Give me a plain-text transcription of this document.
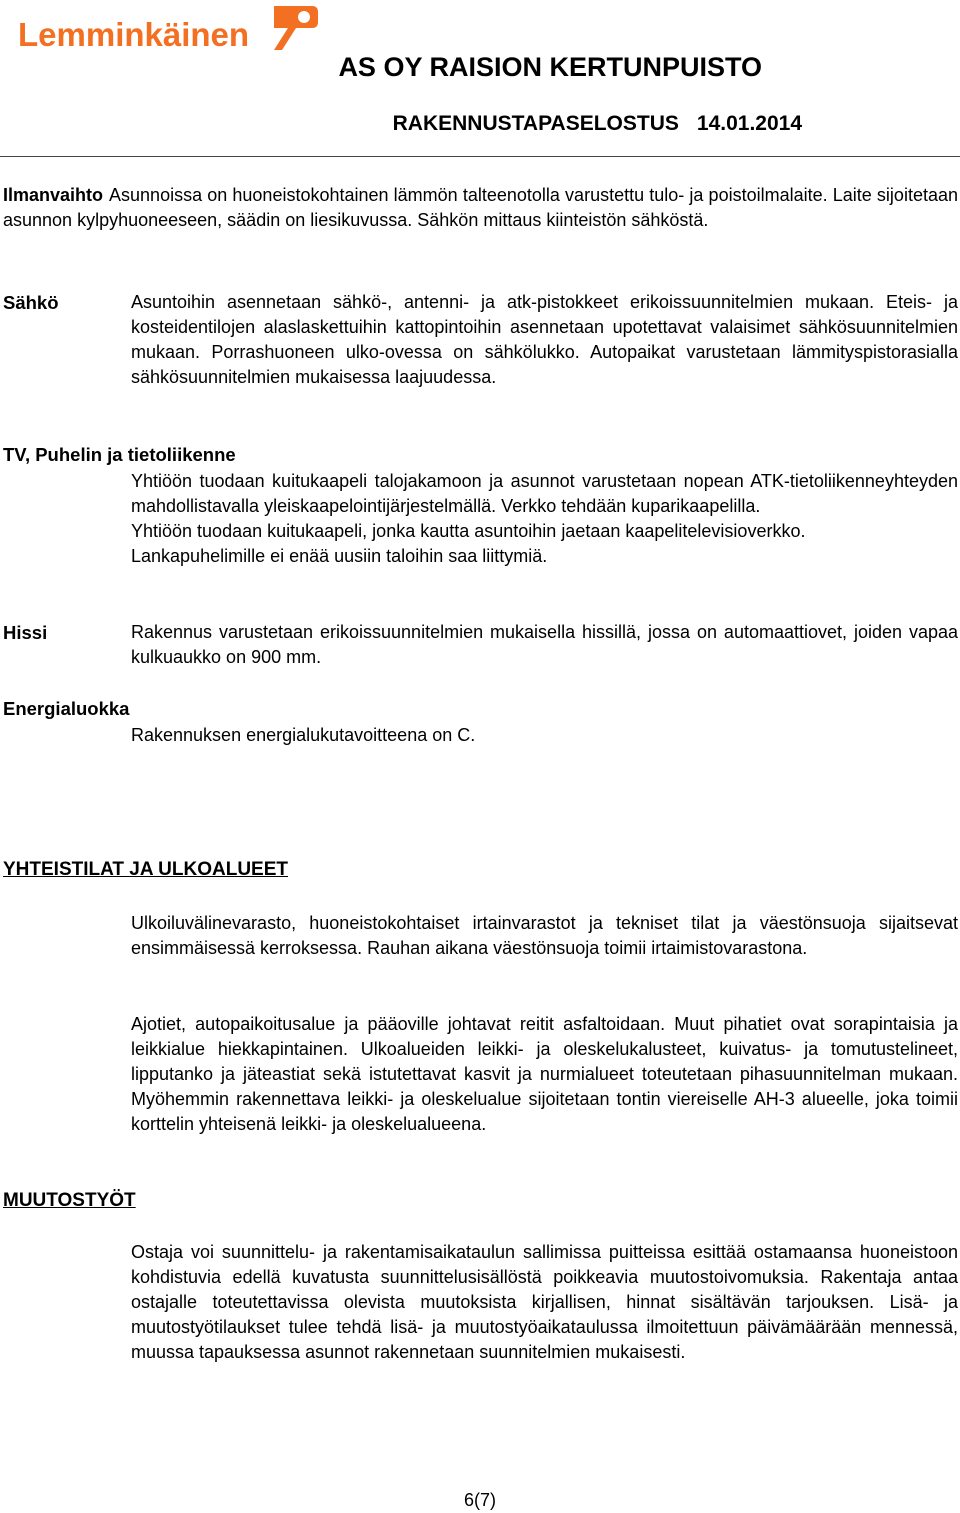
Lemminkäinen
AS OY RAISION KERTUNPUISTO
RAKENNUSTAPASELOSTUS 14.01.2014

Ilmanvaihto Asunnoissa on huoneistokohtainen lämmön talteenotolla varustettu tulo- ja poistoilmalaite. Laite sijoitetaan asunnon kylpyhuoneeseen, säädin on liesikuvussa. Sähkön mittaus kiinteistön sähköstä.

Sähkö	Asuntoihin asennetaan sähkö-, antenni- ja atk-pistokkeet erikoissuunnitelmien mukaan. Eteis- ja kosteidentilojen alaslaskettuihin kattopintoihin asennetaan upotettavat valaisimet sähkösuunnitelmien mukaan. Porrashuoneen ulko-ovessa on sähkölukko. Autopaikat varustetaan lämmityspistorasialla sähkösuunnitelmien mukaisessa laajuudessa.
TV, Puhelin ja tietoliikenne

Yhtiöön tuodaan kuitukaapeli talojakamoon ja asunnot varustetaan nopean ATK-tietoliikenneyhteyden mahdollistavalla yleiskaapelointijärjestelmällä. Verkko tehdään kuparikaapelilla.

Yhtiöön tuodaan kuitukaapeli, jonka kautta asuntoihin jaetaan kaapelitelevisioverkko.

Lankapuhelimille ei enää uusiin taloihin saa liittymiä.

Hissi	Rakennus varustetaan erikoissuunnitelmien mukaisella hissillä, jossa on automaattiovet, joiden vapaa kulkuaukko on 900 mm.
Energialuokka
Rakennuksen energialukutavoitteena on C.
YHTEISTILAT JA ULKOALUEET
Ulkoiluvälinevarasto, huoneistokohtaiset irtainvarastot ja tekniset tilat ja väestönsuoja sijaitsevat ensimmäisessä kerroksessa. Rauhan aikana väestönsuoja toimii irtaimistovarastona.
Ajotiet, autopaikoitusalue ja pääoville johtavat reitit asfaltoidaan. Muut pihatiet ovat sorapintaisia ja leikkialue hiekkapintainen. Ulkoalueiden leikki- ja oleskelukalusteet, kuivatus- ja tomutustelineet, lipputanko ja jäteastiat sekä istutettavat kasvit ja nurmialueet toteutetaan pihasuunnitelman mukaan. Myöhemmin rakennettava leikki- ja oleskelualue sijoitetaan tontin viereiselle AH-3 alueelle, joka toimii korttelin yhteisenä leikki- ja oleskelualueena.
MUUTOSTYÖT
Ostaja voi suunnittelu- ja rakentamisaikataulun sallimissa puitteissa esittää ostamaansa huoneistoon kohdistuvia edellä kuvatusta suunnittelusisällöstä poikkeavia muutostoivomuksia. Rakentaja antaa ostajalle toteutettavissa olevista muutoksista kirjallisen, hinnat sisältävän tarjouksen. Lisä- ja muutostyötilaukset tulee tehdä lisä- ja muutostyöaikataulussa ilmoitettuun päivämäärään mennessä, muussa tapauksessa asunnot rakennetaan suunnitelmien mukaisesti.
6(7)
